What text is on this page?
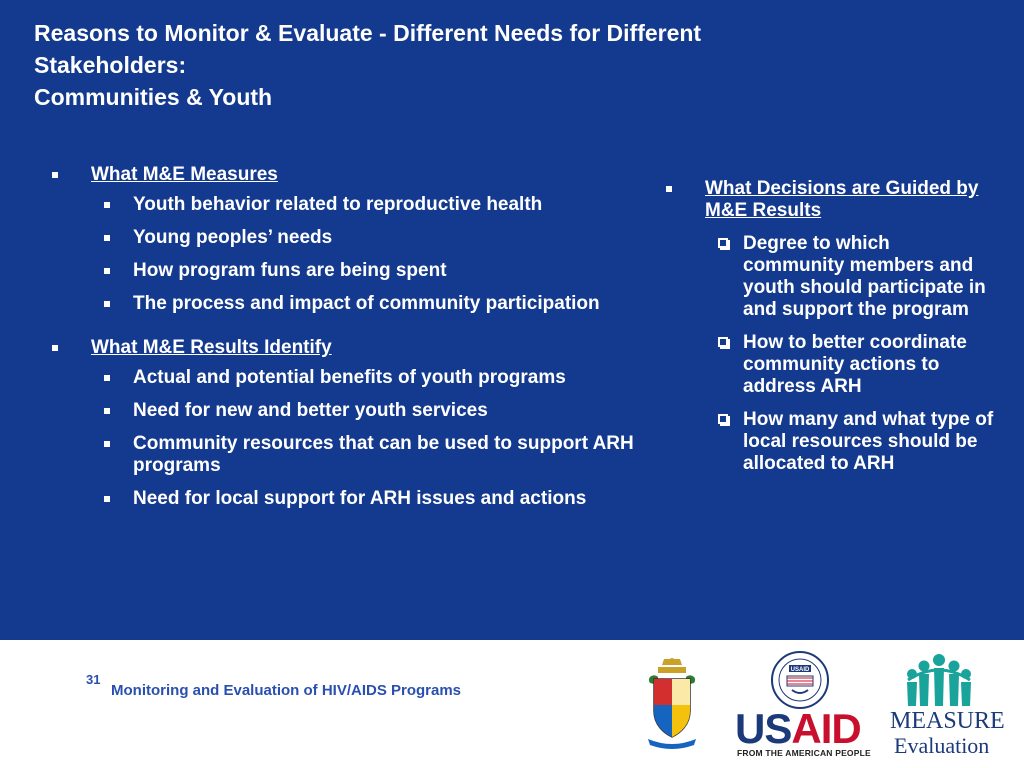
Reasons to Monitor & Evaluate - Different Needs for Different
Stakeholders:
Communities & Youth
What M&E Measures
Youth behavior related to reproductive health
Young peoples’ needs
How program funs are being spent
The process and impact of community participation
What M&E Results Identify
Actual and potential benefits of youth programs
Need for new and better youth services
Community resources that can be used to support ARH programs
Need for local support for ARH issues and actions
What Decisions are Guided by M&E Results
Degree to which community members and youth should participate in and support the program
How to better coordinate community actions to address ARH
How many and what type of local resources should be allocated to ARH
31
Monitoring and Evaluation of HIV/AIDS Programs
USAID
USAID
FROM THE AMERICAN PEOPLE
MEASURE
Evaluation
